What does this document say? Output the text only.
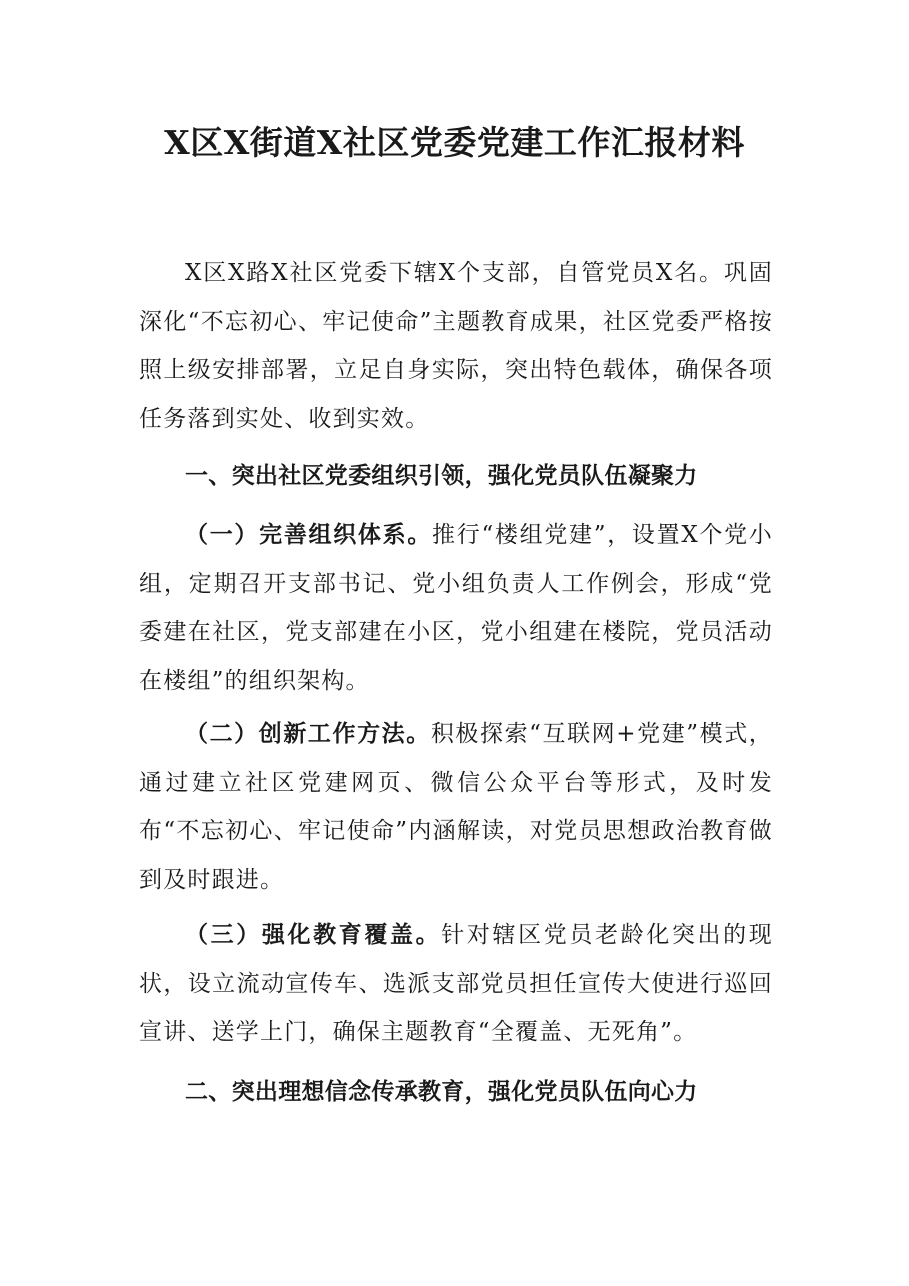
X区X街道X社区党委党建工作汇报材料

X区X路X社区党委下辖X个支部，自管党员X名。巩固深化“不忘初心、牢记使命”主题教育成果，社区党委严格按照上级安排部署，立足自身实际，突出特色载体，确保各项任务落到实处、收到实效。

一、突出社区党委组织引领，强化党员队伍凝聚力

（一）完善组织体系。推行“楼组党建”，设置X个党小组，定期召开支部书记、党小组负责人工作例会，形成“党委建在社区，党支部建在小区，党小组建在楼院，党员活动在楼组”的组织架构。

（二）创新工作方法。积极探索“互联网+党建”模式，通过建立社区党建网页、微信公众平台等形式，及时发布“不忘初心、牢记使命”内涵解读，对党员思想政治教育做到及时跟进。

（三）强化教育覆盖。针对辖区党员老龄化突出的现状，设立流动宣传车、选派支部党员担任宣传大使进行巡回宣讲、送学上门，确保主题教育“全覆盖、无死角”。

二、突出理想信念传承教育，强化党员队伍向心力
